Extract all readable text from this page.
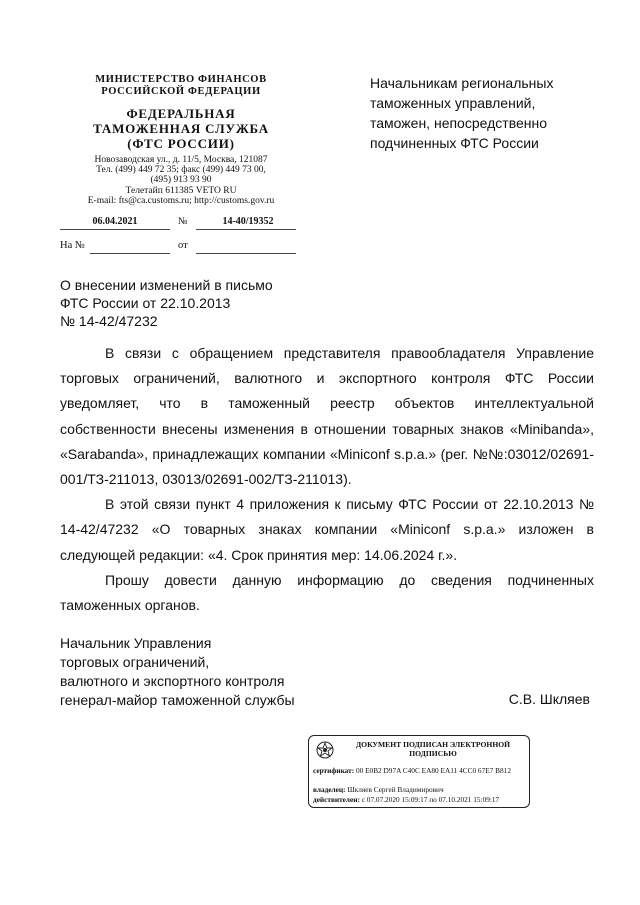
МИНИСТЕРСТВО ФИНАНСОВ
РОССИЙСКОЙ ФЕДЕРАЦИИ
ФЕДЕРАЛЬНАЯ
ТАМОЖЕННАЯ СЛУЖБА
(ФТС РОССИИ)
Новозаводская ул., д. 11/5, Москва, 121087
Тел. (499) 449 72 35; факс (499) 449 73 00,
(495) 913 93 90
Телетайп 611385 VETO RU
E-mail: fts@ca.customs.ru; http://customs.gov.ru
06.04.2021	№	14-40/19352
На №	от
Начальникам региональных
таможенных управлений,
таможен, непосредственно
подчиненных ФТС России
О внесении изменений в письмо
ФТС России от 22.10.2013
№ 14-42/47232

В связи с обращением представителя правообладателя Управление торговых ограничений, валютного и экспортного контроля ФТС России уведомляет, что в таможенный реестр объектов интеллектуальной собственности внесены изменения в отношении товарных знаков «Minibanda», «Sarabanda», принадлежащих компании «Miniconf s.p.a.» (рег. №№:03012/02691-001/ТЗ-211013, 03013/02691-002/ТЗ-211013).

В этой связи пункт 4 приложения к письму ФТС России от 22.10.2013 № 14-42/47232 «О товарных знаках компании «Miniconf s.p.a.» изложен в следующей редакции: «4. Срок принятия мер: 14.06.2024 г.».

Прошу довести данную информацию до сведения подчиненных таможенных органов.

Начальник Управления
торговых ограничений,
валютного и экспортного контроля
генерал-майор таможенной службы	С.В. Шкляев
ДОКУМЕНТ ПОДПИСАН ЭЛЕКТРОННОЙ
ПОДПИСЬЮ
сертификат: 00 E0B2 D97A C40C EA80 EA11 4CC0 67E7 B812
владелец: Шкляев Сергей Владимирович
действителен: с 07.07.2020 15:09:17 по 07.10.2021 15:09:17
